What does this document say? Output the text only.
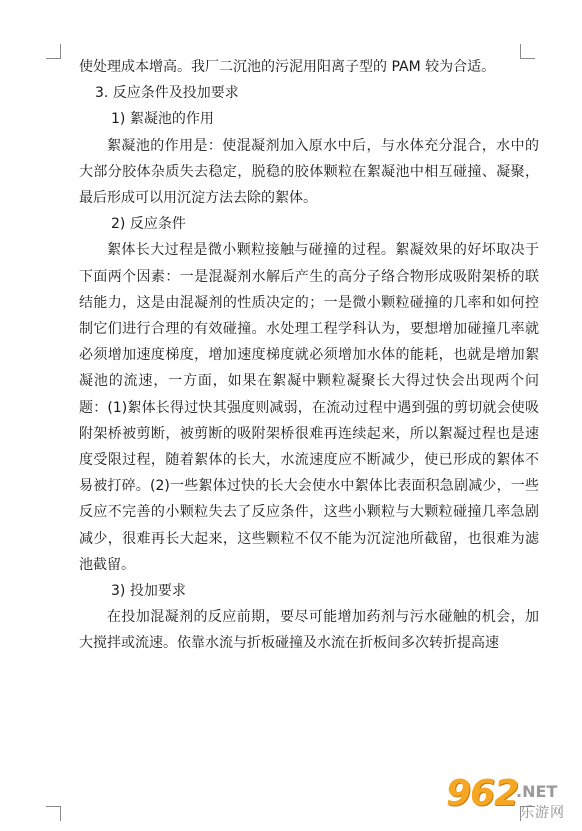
使处理成本增高。我厂二沉池的污泥用阳离子型的 PAM 较为合适。

3. 反应条件及投加要求

1) 絮凝池的作用

絮凝池的作用是：使混凝剂加入原水中后，与水体充分混合，水中的大部分胶体杂质失去稳定，脱稳的胶体颗粒在絮凝池中相互碰撞、凝聚，最后形成可以用沉淀方法去除的絮体。

2) 反应条件

絮体长大过程是微小颗粒接触与碰撞的过程。絮凝效果的好坏取决于下面两个因素：一是混凝剂水解后产生的高分子络合物形成吸附架桥的联结能力，这是由混凝剂的性质决定的；一是微小颗粒碰撞的几率和如何控制它们进行合理的有效碰撞。水处理工程学科认为，要想增加碰撞几率就必须增加速度梯度，增加速度梯度就必须增加水体的能耗，也就是增加絮凝池的流速，一方面，如果在絮凝中颗粒凝聚长大得过快会出现两个问题：(1)絮体长得过快其强度则减弱，在流动过程中遇到强的剪切就会使吸附架桥被剪断，被剪断的吸附架桥很难再连续起来，所以絮凝过程也是速度受限过程，随着絮体的长大，水流速度应不断减少，使已形成的絮体不易被打碎。(2)一些絮体过快的长大会使水中絮体比表面积急剧减少，一些反应不完善的小颗粒失去了反应条件，这些小颗粒与大颗粒碰撞几率急剧减少，很难再长大起来，这些颗粒不仅不能为沉淀池所截留，也很难为滤池截留。

3) 投加要求

在投加混凝剂的反应前期，要尽可能增加药剂与污水碰触的机会，加大搅拌或流速。依靠水流与折板碰撞及水流在折板间多次转折提高速

962
.NET
乐游网
